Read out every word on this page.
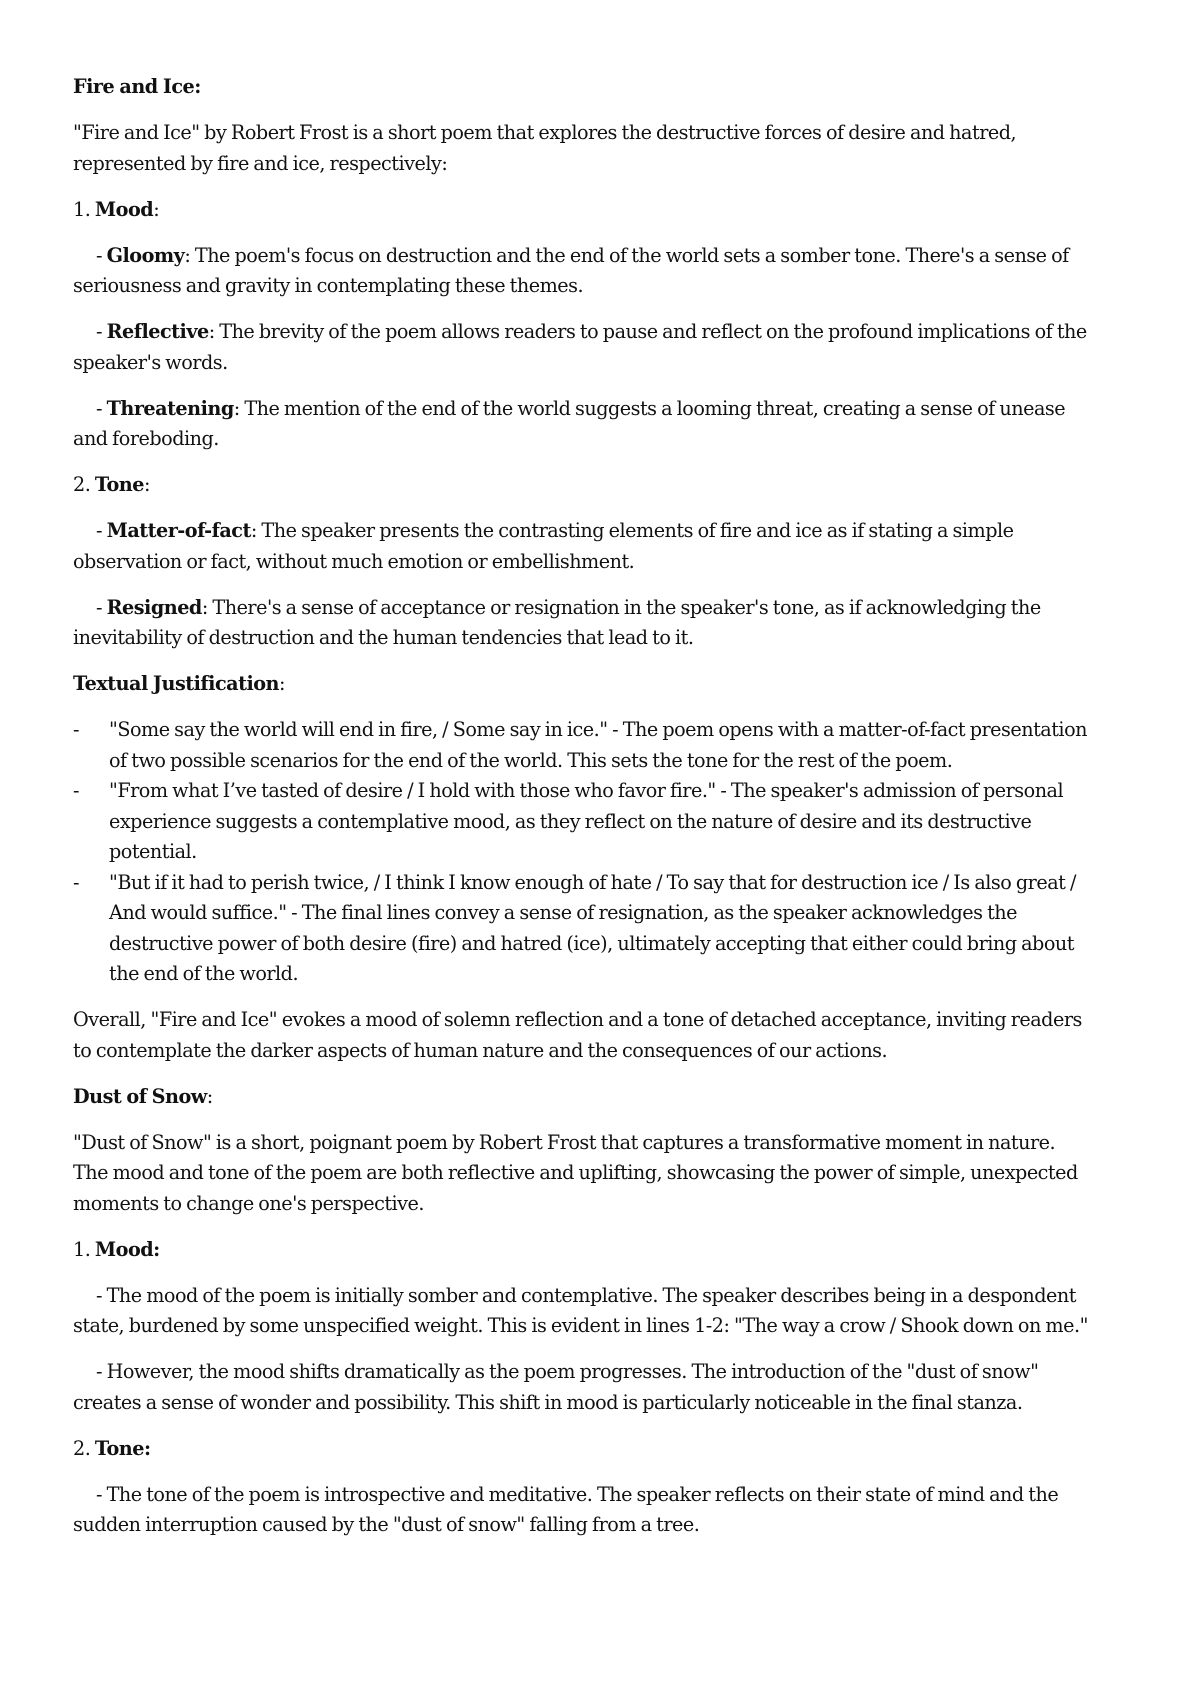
Fire and Ice:

"Fire and Ice" by Robert Frost is a short poem that explores the destructive forces of desire and hatred, represented by fire and ice, respectively:

1. Mood:

- Gloomy: The poem's focus on destruction and the end of the world sets a somber tone. There's a sense of seriousness and gravity in contemplating these themes.

- Reflective: The brevity of the poem allows readers to pause and reflect on the profound implications of the speaker's words.

- Threatening: The mention of the end of the world suggests a looming threat, creating a sense of unease and foreboding.

2. Tone:

- Matter-of-fact: The speaker presents the contrasting elements of fire and ice as if stating a simple observation or fact, without much emotion or embellishment.

- Resigned: There's a sense of acceptance or resignation in the speaker's tone, as if acknowledging the inevitability of destruction and the human tendencies that lead to it.

Textual Justification:

- "Some say the world will end in fire, / Some say in ice." - The poem opens with a matter-of-fact presentation of two possible scenarios for the end of the world. This sets the tone for the rest of the poem.
- "From what I’ve tasted of desire / I hold with those who favor fire." - The speaker's admission of personal experience suggests a contemplative mood, as they reflect on the nature of desire and its destructive potential.
- "But if it had to perish twice, / I think I know enough of hate / To say that for destruction ice / Is also great / And would suffice." - The final lines convey a sense of resignation, as the speaker acknowledges the destructive power of both desire (fire) and hatred (ice), ultimately accepting that either could bring about the end of the world.

Overall, "Fire and Ice" evokes a mood of solemn reflection and a tone of detached acceptance, inviting readers to contemplate the darker aspects of human nature and the consequences of our actions.

Dust of Snow:

"Dust of Snow" is a short, poignant poem by Robert Frost that captures a transformative moment in nature. The mood and tone of the poem are both reflective and uplifting, showcasing the power of simple, unexpected moments to change one's perspective.

1. Mood:

- The mood of the poem is initially somber and contemplative. The speaker describes being in a despondent state, burdened by some unspecified weight. This is evident in lines 1-2: "The way a crow / Shook down on me."

- However, the mood shifts dramatically as the poem progresses. The introduction of the "dust of snow" creates a sense of wonder and possibility. This shift in mood is particularly noticeable in the final stanza.

2. Tone:

- The tone of the poem is introspective and meditative. The speaker reflects on their state of mind and the sudden interruption caused by the "dust of snow" falling from a tree.
